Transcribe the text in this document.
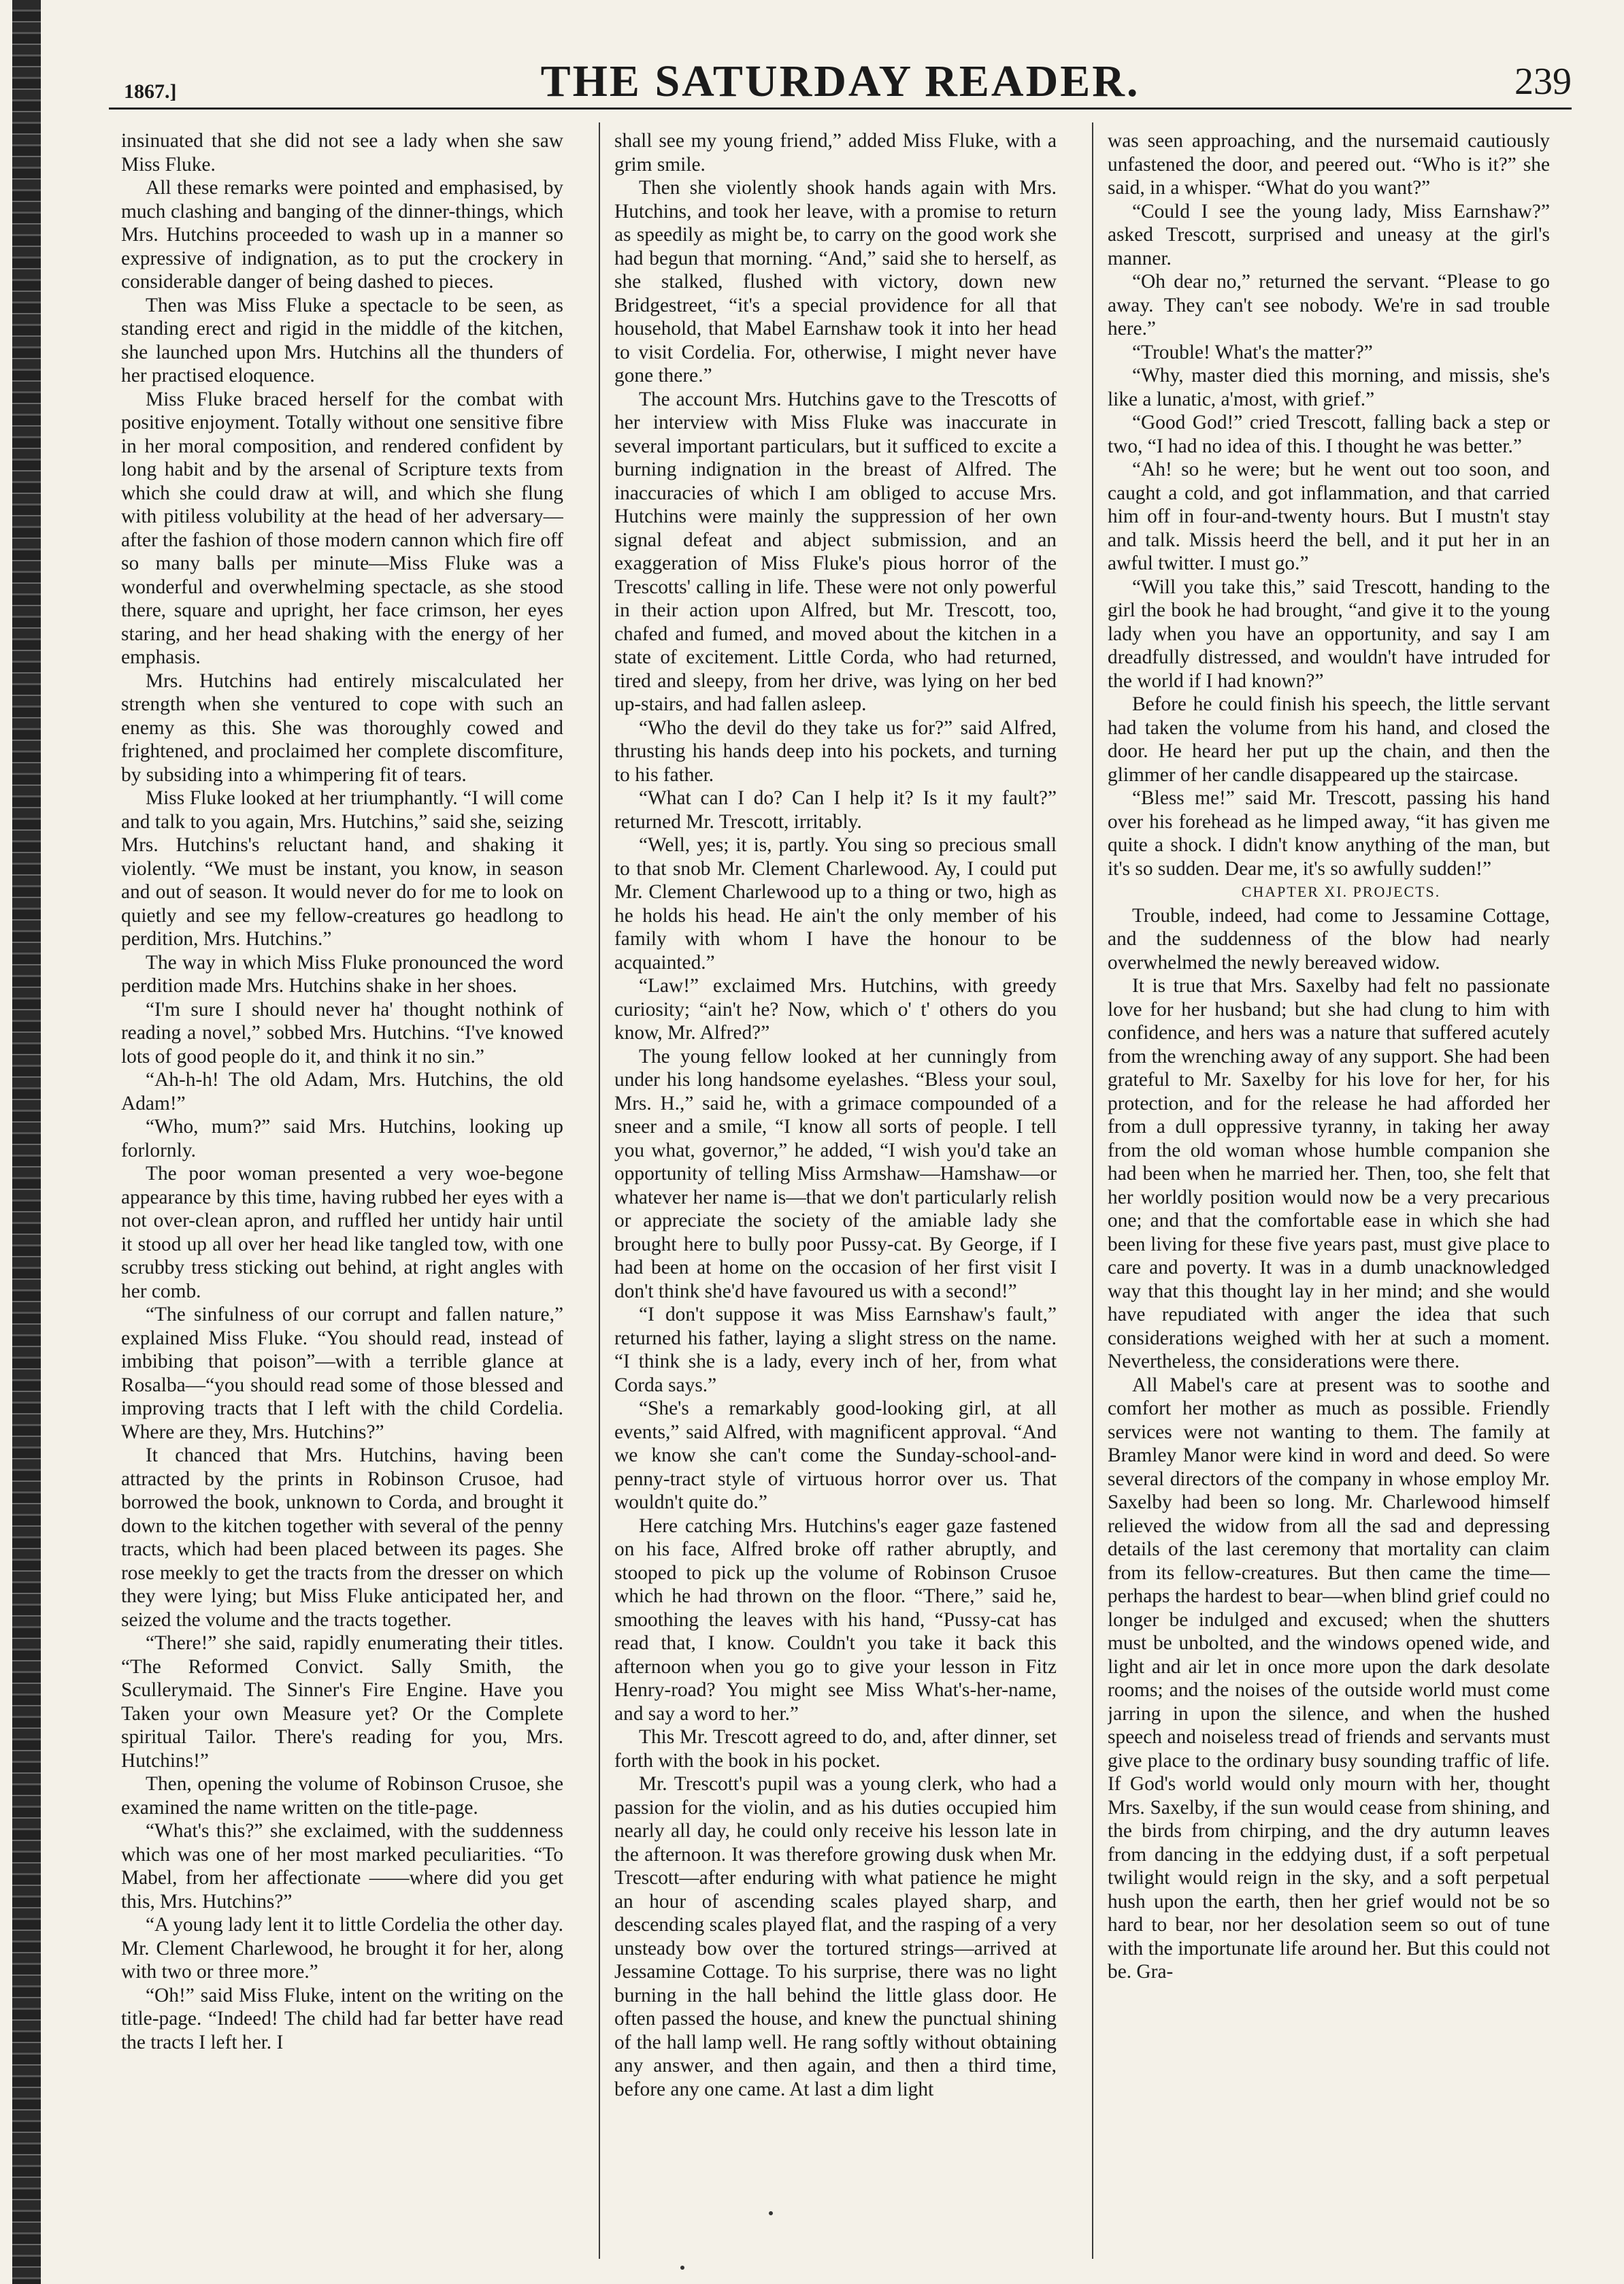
1867.]	THE SATURDAY READER.	239

insinuated that she did not see a lady when she saw Miss Fluke.

All these remarks were pointed and emphasised, by much clashing and banging of the dinner-things, which Mrs. Hutchins proceeded to wash up in a manner so expressive of indignation, as to put the crockery in considerable danger of being dashed to pieces.

Then was Miss Fluke a spectacle to be seen, as standing erect and rigid in the middle of the kitchen, she launched upon Mrs. Hutchins all the thunders of her practised eloquence.

Miss Fluke braced herself for the combat with positive enjoyment. Totally without one sensitive fibre in her moral composition, and rendered confident by long habit and by the arsenal of Scripture texts from which she could draw at will, and which she flung with pitiless volubility at the head of her adversary—after the fashion of those modern cannon which fire off so many balls per minute—Miss Fluke was a wonderful and overwhelming spectacle, as she stood there, square and upright, her face crimson, her eyes staring, and her head shaking with the energy of her emphasis.

Mrs. Hutchins had entirely miscalculated her strength when she ventured to cope with such an enemy as this. She was thoroughly cowed and frightened, and proclaimed her complete discomfiture, by subsiding into a whimpering fit of tears.

Miss Fluke looked at her triumphantly. “I will come and talk to you again, Mrs. Hutchins,” said she, seizing Mrs. Hutchins's reluctant hand, and shaking it violently. “We must be instant, you know, in season and out of season. It would never do for me to look on quietly and see my fellow-creatures go headlong to perdition, Mrs. Hutchins.”

The way in which Miss Fluke pronounced the word perdition made Mrs. Hutchins shake in her shoes.

“I'm sure I should never ha' thought nothink of reading a novel,” sobbed Mrs. Hutchins. “I've knowed lots of good people do it, and think it no sin.”

“Ah-h-h! The old Adam, Mrs. Hutchins, the old Adam!”

“Who, mum?” said Mrs. Hutchins, looking up forlornly.

The poor woman presented a very woe-begone appearance by this time, having rubbed her eyes with a not over-clean apron, and ruffled her untidy hair until it stood up all over her head like tangled tow, with one scrubby tress sticking out behind, at right angles with her comb.

“The sinfulness of our corrupt and fallen nature,” explained Miss Fluke. “You should read, instead of imbibing that poison”—with a terrible glance at Rosalba—“you should read some of those blessed and improving tracts that I left with the child Cordelia. Where are they, Mrs. Hutchins?”

It chanced that Mrs. Hutchins, having been attracted by the prints in Robinson Crusoe, had borrowed the book, unknown to Corda, and brought it down to the kitchen together with several of the penny tracts, which had been placed between its pages. She rose meekly to get the tracts from the dresser on which they were lying; but Miss Fluke anticipated her, and seized the volume and the tracts together.

“There!” she said, rapidly enumerating their titles. “The Reformed Convict. Sally Smith, the Scullerymaid. The Sinner's Fire Engine. Have you Taken your own Measure yet? Or the Complete spiritual Tailor. There's reading for you, Mrs. Hutchins!”

Then, opening the volume of Robinson Crusoe, she examined the name written on the title-page.

“What's this?” she exclaimed, with the suddenness which was one of her most marked peculiarities. “To Mabel, from her affectionate ——where did you get this, Mrs. Hutchins?”

“A young lady lent it to little Cordelia the other day. Mr. Clement Charlewood, he brought it for her, along with two or three more.”

“Oh!” said Miss Fluke, intent on the writing on the title-page. “Indeed! The child had far better have read the tracts I left her. I

shall see my young friend,” added Miss Fluke, with a grim smile.

Then she violently shook hands again with Mrs. Hutchins, and took her leave, with a promise to return as speedily as might be, to carry on the good work she had begun that morning. “And,” said she to herself, as she stalked, flushed with victory, down new Bridgestreet, “it's a special providence for all that household, that Mabel Earnshaw took it into her head to visit Cordelia. For, otherwise, I might never have gone there.”

The account Mrs. Hutchins gave to the Trescotts of her interview with Miss Fluke was inaccurate in several important particulars, but it sufficed to excite a burning indignation in the breast of Alfred. The inaccuracies of which I am obliged to accuse Mrs. Hutchins were mainly the suppression of her own signal defeat and abject submission, and an exaggeration of Miss Fluke's pious horror of the Trescotts' calling in life. These were not only powerful in their action upon Alfred, but Mr. Trescott, too, chafed and fumed, and moved about the kitchen in a state of excitement. Little Corda, who had returned, tired and sleepy, from her drive, was lying on her bed up-stairs, and had fallen asleep.

“Who the devil do they take us for?” said Alfred, thrusting his hands deep into his pockets, and turning to his father.

“What can I do? Can I help it? Is it my fault?” returned Mr. Trescott, irritably.

“Well, yes; it is, partly. You sing so precious small to that snob Mr. Clement Charlewood. Ay, I could put Mr. Clement Charlewood up to a thing or two, high as he holds his head. He ain't the only member of his family with whom I have the honour to be acquainted.”

“Law!” exclaimed Mrs. Hutchins, with greedy curiosity; “ain't he? Now, which o' t' others do you know, Mr. Alfred?”

The young fellow looked at her cunningly from under his long handsome eyelashes. “Bless your soul, Mrs. H.,” said he, with a grimace compounded of a sneer and a smile, “I know all sorts of people. I tell you what, governor,” he added, “I wish you'd take an opportunity of telling Miss Armshaw—Hamshaw—or whatever her name is—that we don't particularly relish or appreciate the society of the amiable lady she brought here to bully poor Pussy-cat. By George, if I had been at home on the occasion of her first visit I don't think she'd have favoured us with a second!”

“I don't suppose it was Miss Earnshaw's fault,” returned his father, laying a slight stress on the name. “I think she is a lady, every inch of her, from what Corda says.”

“She's a remarkably good-looking girl, at all events,” said Alfred, with magnificent approval. “And we know she can't come the Sunday-school-and-penny-tract style of virtuous horror over us. That wouldn't quite do.”

Here catching Mrs. Hutchins's eager gaze fastened on his face, Alfred broke off rather abruptly, and stooped to pick up the volume of Robinson Crusoe which he had thrown on the floor. “There,” said he, smoothing the leaves with his hand, “Pussy-cat has read that, I know. Couldn't you take it back this afternoon when you go to give your lesson in Fitz Henry-road? You might see Miss What's-her-name, and say a word to her.”

This Mr. Trescott agreed to do, and, after dinner, set forth with the book in his pocket.

Mr. Trescott's pupil was a young clerk, who had a passion for the violin, and as his duties occupied him nearly all day, he could only receive his lesson late in the afternoon. It was therefore growing dusk when Mr. Trescott—after enduring with what patience he might an hour of ascending scales played sharp, and descending scales played flat, and the rasping of a very unsteady bow over the tortured strings—arrived at Jessamine Cottage. To his surprise, there was no light burning in the hall behind the little glass door. He often passed the house, and knew the punctual shining of the hall lamp well. He rang softly without obtaining any answer, and then again, and then a third time, before any one came. At last a dim light

was seen approaching, and the nursemaid cautiously unfastened the door, and peered out. “Who is it?” she said, in a whisper. “What do you want?”

“Could I see the young lady, Miss Earnshaw?” asked Trescott, surprised and uneasy at the girl's manner.

“Oh dear no,” returned the servant. “Please to go away. They can't see nobody. We're in sad trouble here.”

“Trouble! What's the matter?”

“Why, master died this morning, and missis, she's like a lunatic, a'most, with grief.”

“Good God!” cried Trescott, falling back a step or two, “I had no idea of this. I thought he was better.”

“Ah! so he were; but he went out too soon, and caught a cold, and got inflammation, and that carried him off in four-and-twenty hours. But I mustn't stay and talk. Missis heerd the bell, and it put her in an awful twitter. I must go.”

“Will you take this,” said Trescott, handing to the girl the book he had brought, “and give it to the young lady when you have an opportunity, and say I am dreadfully distressed, and wouldn't have intruded for the world if I had known?”

Before he could finish his speech, the little servant had taken the volume from his hand, and closed the door. He heard her put up the chain, and then the glimmer of her candle disappeared up the staircase.

“Bless me!” said Mr. Trescott, passing his hand over his forehead as he limped away, “it has given me quite a shock. I didn't know anything of the man, but it's so sudden. Dear me, it's so awfully sudden!”

CHAPTER XI. PROJECTS.

Trouble, indeed, had come to Jessamine Cottage, and the suddenness of the blow had nearly overwhelmed the newly bereaved widow.

It is true that Mrs. Saxelby had felt no passionate love for her husband; but she had clung to him with confidence, and hers was a nature that suffered acutely from the wrenching away of any support. She had been grateful to Mr. Saxelby for his love for her, for his protection, and for the release he had afforded her from a dull oppressive tyranny, in taking her away from the old woman whose humble companion she had been when he married her. Then, too, she felt that her worldly position would now be a very precarious one; and that the comfortable ease in which she had been living for these five years past, must give place to care and poverty. It was in a dumb unacknowledged way that this thought lay in her mind; and she would have repudiated with anger the idea that such considerations weighed with her at such a moment. Nevertheless, the considerations were there.

All Mabel's care at present was to soothe and comfort her mother as much as possible. Friendly services were not wanting to them. The family at Bramley Manor were kind in word and deed. So were several directors of the company in whose employ Mr. Saxelby had been so long. Mr. Charlewood himself relieved the widow from all the sad and depressing details of the last ceremony that mortality can claim from its fellow-creatures. But then came the time—perhaps the hardest to bear—when blind grief could no longer be indulged and excused; when the shutters must be unbolted, and the windows opened wide, and light and air let in once more upon the dark desolate rooms; and the noises of the outside world must come jarring in upon the silence, and when the hushed speech and noiseless tread of friends and servants must give place to the ordinary busy sounding traffic of life. If God's world would only mourn with her, thought Mrs. Saxelby, if the sun would cease from shining, and the birds from chirping, and the dry autumn leaves from dancing in the eddying dust, if a soft perpetual twilight would reign in the sky, and a soft perpetual hush upon the earth, then her grief would not be so hard to bear, nor her desolation seem so out of tune with the importunate life around her. But this could not be. Gra-
